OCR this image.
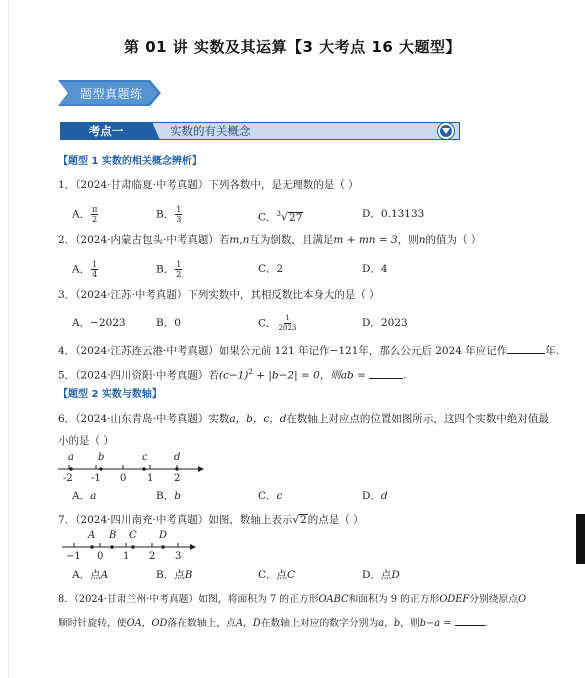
第 01 讲 实数及其运算【3 大考点 16 大题型】
题型真题练
考点一	实数的有关概念
【题型 1 实数的相关概念辨析】
1．（2024·甘肃临夏·中考真题）下列各数中，是无理数的是（ ）
A． $\frac{\pi}{2}$	B． $\frac{1}{3}$	C．$^3$√27	D．0.13133
2．（2024·内蒙古包头·中考真题）若m,n互为倒数，且满足m + mn = 3，则n的值为（ ）
A． $\frac{1}{4}$	B． $\frac{1}{2}$	C．2	D．4
3．（2024·江苏·中考真题）下列实数中，其相反数比本身大的是（ ）
A．−2023	B．0	C． $\frac{1}{2023}$	D．2023
4．（2024·江苏连云港·中考真题）如果公元前 121 年记作−121年，那么公元后 2024 年应记作	年.
5．（2024·四川资阳·中考真题）若$(c-1)^2 + |b-2| = 0$，则ab =	.
【题型 2 实数与数轴】
6．（2024·山东青岛·中考真题）实数a，b，c，d在数轴上对应点的位置如图所示，这四个实数中绝对值最
小的是（ ）
a b	c	d
-2 -1 0 1 2
A．a	B．b	C．c	D．d
7．（2024·四川南充·中考真题）如图，数轴上表示√2的点是（ ）
A B C D
−1 0 1 2 3
A．点A	B．点B	C．点C	D．点D
8．（2024·甘肃兰州·中考真题）如图，将面积为 7 的正方形OABC和面积为 9 的正方形ODEF分别绕原点O
顺时针旋转，使OA，OD落在数轴上，点A，D在数轴上对应的数字分别为a，b，则b−a =	.
